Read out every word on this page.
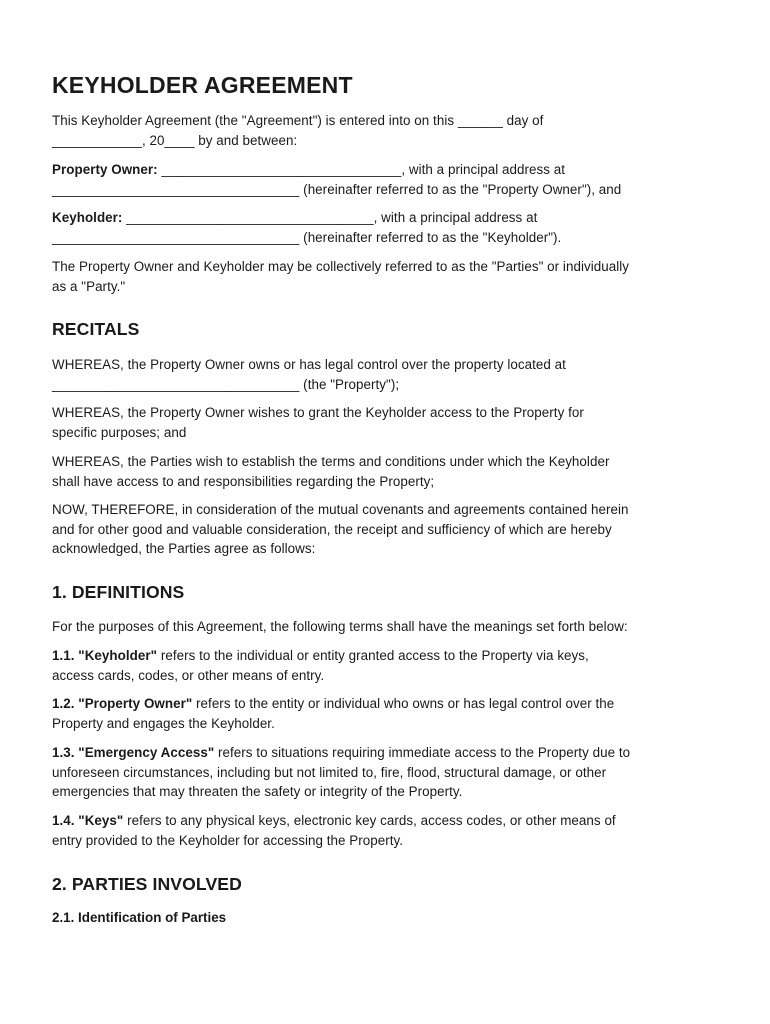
KEYHOLDER AGREEMENT
This Keyholder Agreement (the "Agreement") is entered into on this ______ day of
____________, 20____ by and between:
Property Owner: ________________________________, with a principal address at
_________________________________ (hereinafter referred to as the "Property Owner"), and
Keyholder: _________________________________, with a principal address at
_________________________________ (hereinafter referred to as the "Keyholder").
The Property Owner and Keyholder may be collectively referred to as the "Parties" or individually
as a "Party."
RECITALS
WHEREAS, the Property Owner owns or has legal control over the property located at
_________________________________ (the "Property");
WHEREAS, the Property Owner wishes to grant the Keyholder access to the Property for
specific purposes; and
WHEREAS, the Parties wish to establish the terms and conditions under which the Keyholder
shall have access to and responsibilities regarding the Property;
NOW, THEREFORE, in consideration of the mutual covenants and agreements contained herein
and for other good and valuable consideration, the receipt and sufficiency of which are hereby
acknowledged, the Parties agree as follows:
1. DEFINITIONS
For the purposes of this Agreement, the following terms shall have the meanings set forth below:
1.1. "Keyholder" refers to the individual or entity granted access to the Property via keys,
access cards, codes, or other means of entry.
1.2. "Property Owner" refers to the entity or individual who owns or has legal control over the
Property and engages the Keyholder.
1.3. "Emergency Access" refers to situations requiring immediate access to the Property due to
unforeseen circumstances, including but not limited to, fire, flood, structural damage, or other
emergencies that may threaten the safety or integrity of the Property.
1.4. "Keys" refers to any physical keys, electronic key cards, access codes, or other means of
entry provided to the Keyholder for accessing the Property.
2. PARTIES INVOLVED
2.1. Identification of Parties
